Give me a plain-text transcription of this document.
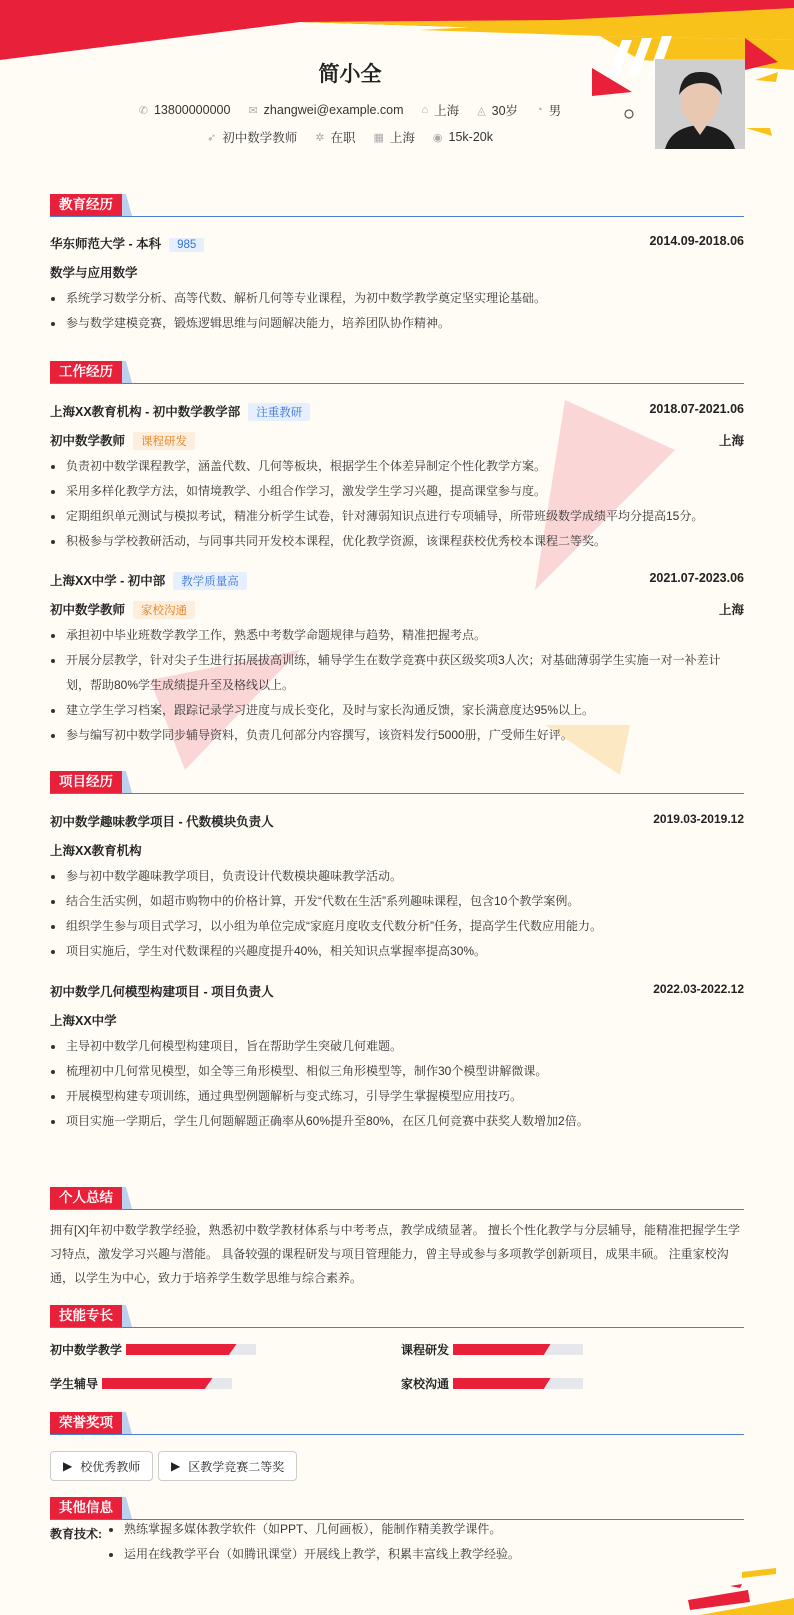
简小全
✆ 13800000000 ✉ zhangwei@example.com ⌂ 上海 ◬ 30岁 ◔ 男
➶ 初中数学教师 ✲ 在职 ▦ 上海 ◉ 15k-20k
教育经历
华东师范大学 - 本科 985	2014.09-2018.06
数学与应用数学
系统学习数学分析、高等代数、解析几何等专业课程，为初中数学教学奠定坚实理论基础。
参与数学建模竞赛，锻炼逻辑思维与问题解决能力，培养团队协作精神。
工作经历
上海XX教育机构 - 初中数学教学部 注重教研	2018.07-2021.06
初中数学教师 课程研发	上海
负责初中数学课程教学，涵盖代数、几何等板块，根据学生个体差异制定个性化教学方案。
采用多样化教学方法，如情境教学、小组合作学习，激发学生学习兴趣，提高课堂参与度。
定期组织单元测试与模拟考试，精准分析学生试卷，针对薄弱知识点进行专项辅导，所带班级数学成绩平均分提高15分。
积极参与学校教研活动，与同事共同开发校本课程，优化教学资源，该课程获校优秀校本课程二等奖。
上海XX中学 - 初中部 教学质量高	2021.07-2023.06
初中数学教师 家校沟通	上海
承担初中毕业班数学教学工作，熟悉中考数学命题规律与趋势，精准把握考点。
开展分层教学，针对尖子生进行拓展拔高训练，辅导学生在数学竞赛中获区级奖项3人次；对基础薄弱学生实施一对一补差计划，帮助80%学生成绩提升至及格线以上。
建立学生学习档案，跟踪记录学习进度与成长变化，及时与家长沟通反馈，家长满意度达95%以上。
参与编写初中数学同步辅导资料，负责几何部分内容撰写，该资料发行5000册，广受师生好评。
项目经历
初中数学趣味教学项目 - 代数模块负责人	2019.03-2019.12
上海XX教育机构
参与初中数学趣味教学项目，负责设计代数模块趣味教学活动。
结合生活实例，如超市购物中的价格计算，开发“代数在生活”系列趣味课程，包含10个教学案例。
组织学生参与项目式学习，以小组为单位完成“家庭月度收支代数分析”任务，提高学生代数应用能力。
项目实施后，学生对代数课程的兴趣度提升40%，相关知识点掌握率提高30%。
初中数学几何模型构建项目 - 项目负责人	2022.03-2022.12
上海XX中学
主导初中数学几何模型构建项目，旨在帮助学生突破几何难题。
梳理初中几何常见模型，如全等三角形模型、相似三角形模型等，制作30个模型讲解微课。
开展模型构建专项训练，通过典型例题解析与变式练习，引导学生掌握模型应用技巧。
项目实施一学期后，学生几何题解题正确率从60%提升至80%，在区几何竞赛中获奖人数增加2倍。
个人总结
拥有[X]年初中数学教学经验，熟悉初中数学教材体系与中考考点，教学成绩显著。 擅长个性化教学与分层辅导，能精准把握学生学习特点，激发学习兴趣与潜能。 具备较强的课程研发与项目管理能力，曾主导或参与多项教学创新项目，成果丰硕。 注重家校沟通，以学生为中心，致力于培养学生数学思维与综合素养。
技能专长
初中数学教学	课程研发
学生辅导	家校沟通
荣誉奖项
▶ 校优秀教师	▶ 区教学竞赛二等奖
其他信息
教育技术:	熟练掌握多媒体教学软件（如PPT、几何画板），能制作精美教学课件。
运用在线教学平台（如腾讯课堂）开展线上教学，积累丰富线上教学经验。
